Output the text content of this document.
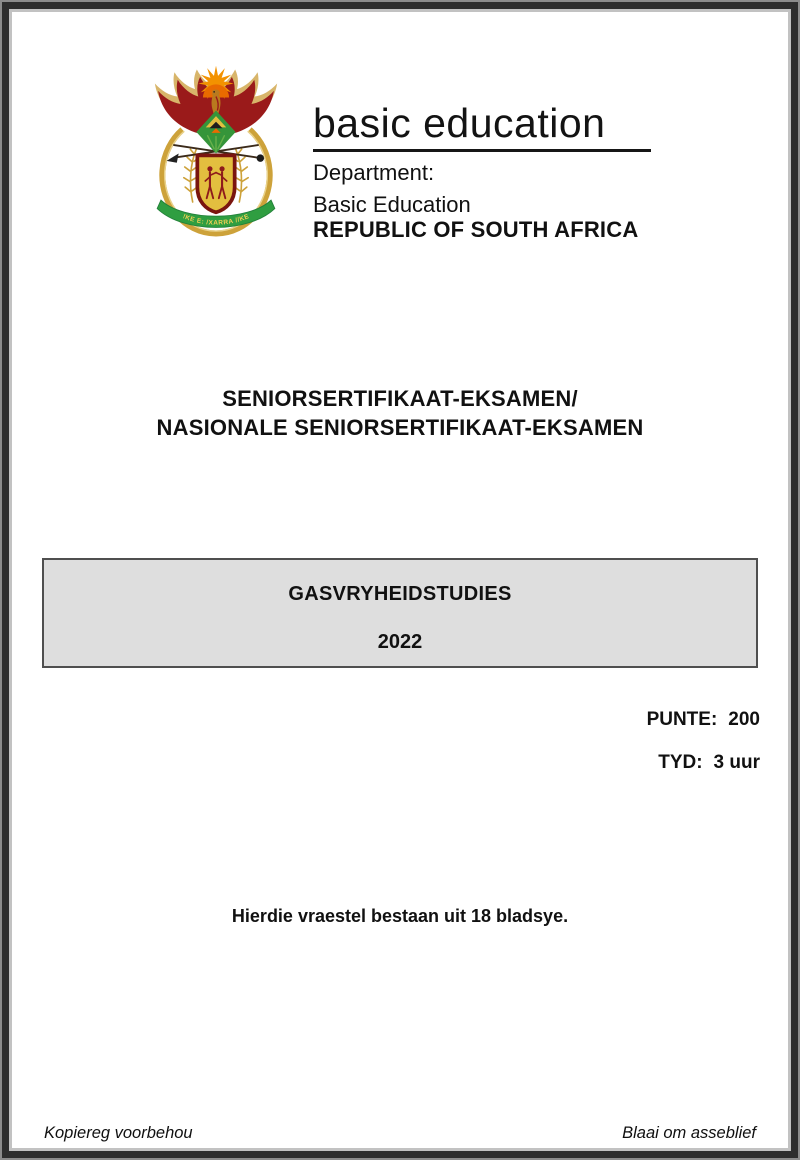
!KE E: /XARRA //KE
basic education
Department:
Basic Education
REPUBLIC OF SOUTH AFRICA
SENIORSERTIFIKAAT-EKSAMEN/
NASIONALE SENIORSERTIFIKAAT-EKSAMEN
GASVRYHEIDSTUDIES
2022
PUNTE: 200
TYD: 3 uur
Hierdie vraestel bestaan uit 18 bladsye.
Kopiereg voorbehou	Blaai om asseblief
